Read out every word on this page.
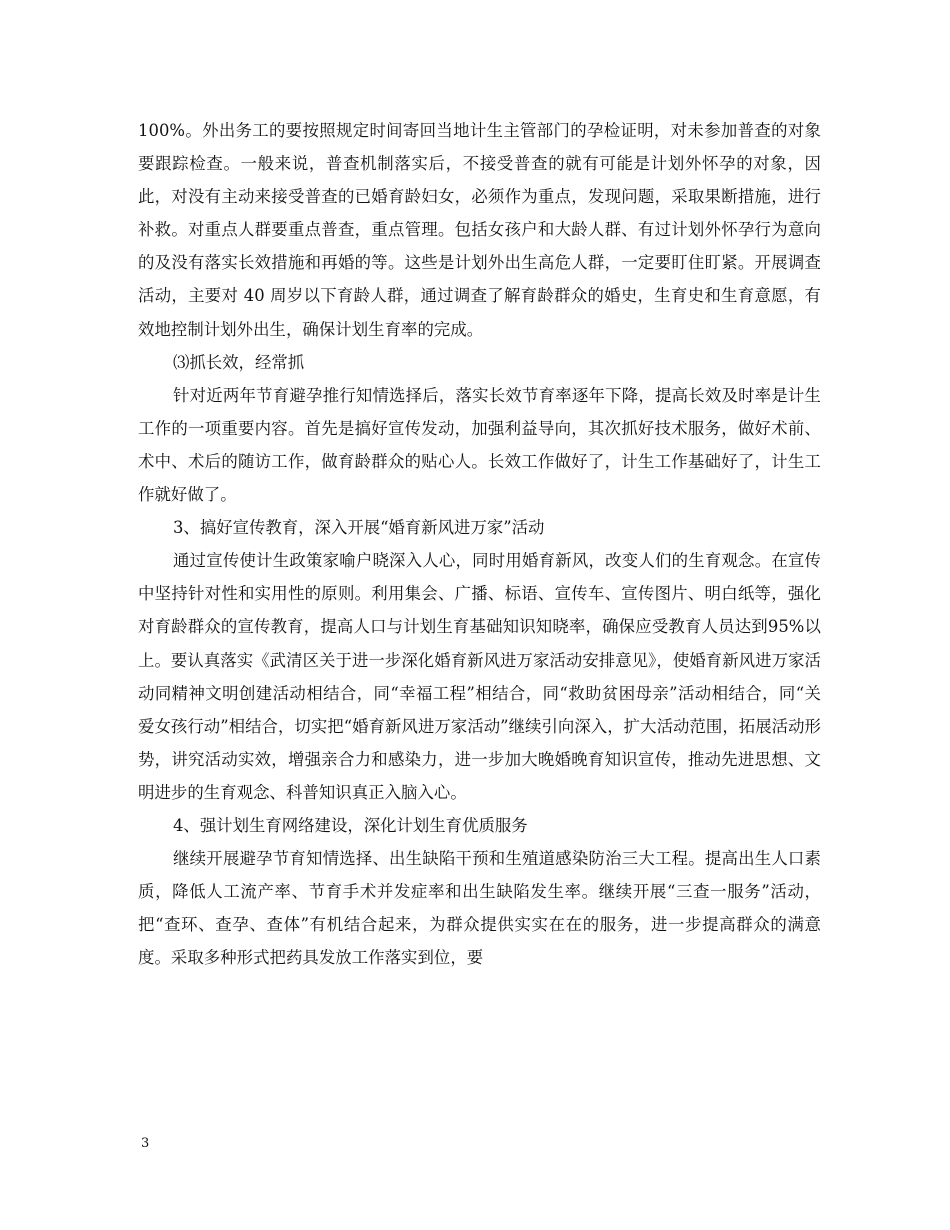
100%。外出务工的要按照规定时间寄回当地计生主管部门的孕检证明，对未参加普查的对象要跟踪检查。一般来说，普查机制落实后，不接受普查的就有可能是计划外怀孕的对象，因此，对没有主动来接受普查的已婚育龄妇女，必须作为重点，发现问题，采取果断措施，进行补救。对重点人群要重点普查，重点管理。包括女孩户和大龄人群、有过计划外怀孕行为意向的及没有落实长效措施和再婚的等。这些是计划外出生高危人群，一定要盯住盯紧。开展调查活动，主要对 40 周岁以下育龄人群，通过调查了解育龄群众的婚史，生育史和生育意愿，有效地控制计划外出生，确保计划生育率的完成。

⑶抓长效，经常抓

针对近两年节育避孕推行知情选择后，落实长效节育率逐年下降，提高长效及时率是计生工作的一项重要内容。首先是搞好宣传发动，加强利益导向，其次抓好技术服务，做好术前、术中、术后的随访工作，做育龄群众的贴心人。长效工作做好了，计生工作基础好了，计生工作就好做了。

3、搞好宣传教育，深入开展“婚育新风进万家”活动

通过宣传使计生政策家喻户晓深入人心，同时用婚育新风，改变人们的生育观念。在宣传中坚持针对性和实用性的原则。利用集会、广播、标语、宣传车、宣传图片、明白纸等，强化对育龄群众的宣传教育，提高人口与计划生育基础知识知晓率，确保应受教育人员达到95%以上。要认真落实《武清区关于进一步深化婚育新风进万家活动安排意见》，使婚育新风进万家活动同精神文明创建活动相结合，同“幸福工程”相结合，同“救助贫困母亲”活动相结合，同“关爱女孩行动”相结合，切实把“婚育新风进万家活动”继续引向深入，扩大活动范围，拓展活动形势，讲究活动实效，增强亲合力和感染力，进一步加大晚婚晚育知识宣传，推动先进思想、文明进步的生育观念、科普知识真正入脑入心。

4、强计划生育网络建设，深化计划生育优质服务

继续开展避孕节育知情选择、出生缺陷干预和生殖道感染防治三大工程。提高出生人口素质，降低人工流产率、节育手术并发症率和出生缺陷发生率。继续开展“三查一服务”活动，把“查环、查孕、查体”有机结合起来，为群众提供实实在在的服务，进一步提高群众的满意度。采取多种形式把药具发放工作落实到位，要

3
